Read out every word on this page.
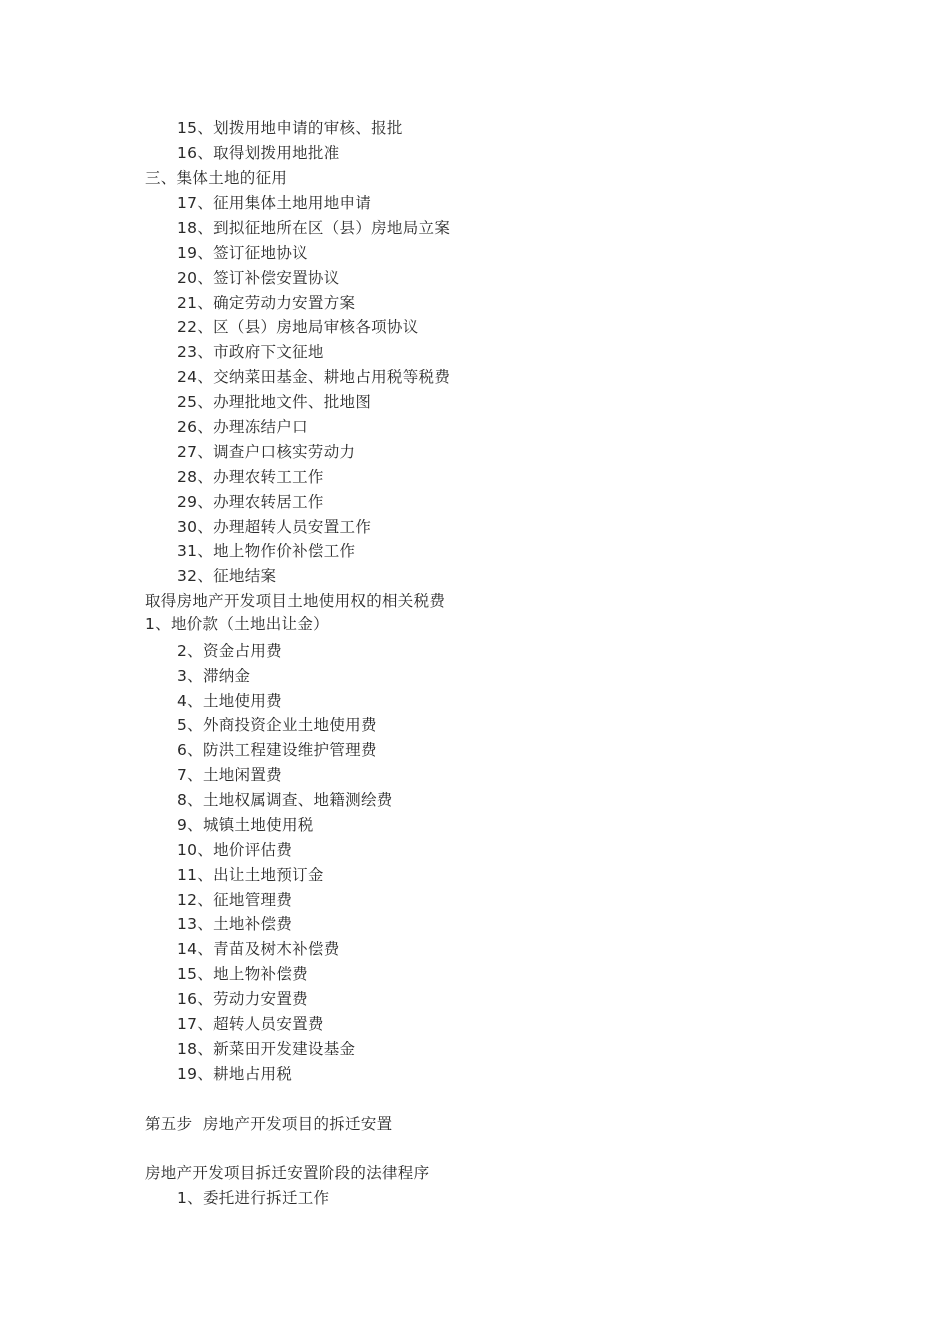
15、划拨用地申请的审核、报批
16、取得划拨用地批准
三、集体土地的征用
17、征用集体土地用地申请
18、到拟征地所在区（县）房地局立案
19、签订征地协议
20、签订补偿安置协议
21、确定劳动力安置方案
22、区（县）房地局审核各项协议
23、市政府下文征地
24、交纳菜田基金、耕地占用税等税费
25、办理批地文件、批地图
26、办理冻结户口
27、调查户口核实劳动力
28、办理农转工工作
29、办理农转居工作
30、办理超转人员安置工作
31、地上物作价补偿工作
32、征地结案
取得房地产开发项目土地使用权的相关税费
1、地价款（土地出让金）
2、资金占用费
3、滞纳金
4、土地使用费
5、外商投资企业土地使用费
6、防洪工程建设维护管理费
7、土地闲置费
8、土地权属调查、地籍测绘费
9、城镇土地使用税
10、地价评估费
11、出让土地预订金
12、征地管理费
13、土地补偿费
14、青苗及树木补偿费
15、地上物补偿费
16、劳动力安置费
17、超转人员安置费
18、新菜田开发建设基金
19、耕地占用税
第五步  房地产开发项目的拆迁安置
房地产开发项目拆迁安置阶段的法律程序
1、委托进行拆迁工作
